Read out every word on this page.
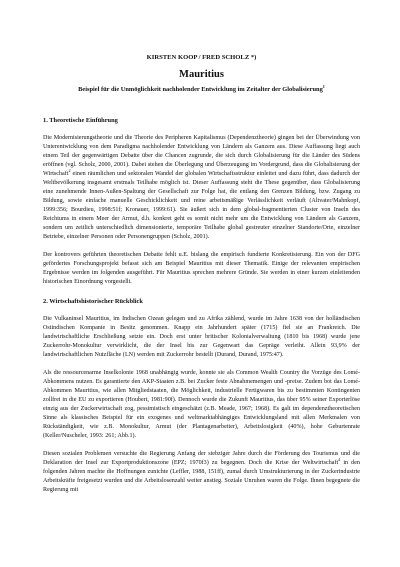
KIRSTEN KOOP / FRED SCHOLZ *)

Mauritius

Beispiel für die Unmöglichkeit nachholender Entwicklung im Zeitalter der Globalisierung$^1$

1. Theoretische Einführung

Die Modernisierungstheorie und die Theorie des Peripheren Kapitalismus (Dependenztheorie) gingen bei der Überwindung von Unterentwicklung von dem Paradigma nachholender Entwicklung von Ländern als Ganzem aus. Diese Auffassung liegt auch einem Teil der gegenwärtigen Debatte über die Chancen zugrunde, die sich durch Globalisierung für die Länder des Südens eröffnen (vgl. Scholz, 2000, 2001). Dabei stehen die Überlegung und Überzeugung im Vordergrund, dass die Globalisierung der Wirtschaft$^2$ einen räumlichen und sektoralen Wandel der globalen Wirtschaftsstruktur einleitet und dazu führt, dass dadurch der Weltbevölkerung insgesamt erstmals Teilhabe möglich ist. Dieser Auffassung steht die These gegenüber, dass Globalisierung eine zunehmende Innen-Außen-Spaltung der Gesellschaft zur Folge hat, die entlang den Grenzen Bildung, bzw. Zugang zu Bildung, sowie einfache manuelle Geschicklichkeit und reine arbeitsmäßige Verlässlichkeit verläuft (Altvater/Mahnkopf, 1999:356; Bourdieu, 1998:51f; Kronauer, 1999:61). Sie äußert sich in dem global-fragmentierten Cluster von Inseln des Reichtums in einem Meer der Armut, d.h. konkret geht es somit nicht mehr um die Entwicklung von Ländern als Ganzem, sondern um zeitlich unterschiedlich dimensionierte, temporäre Teilhabe global gestreuter einzelner Standorte/Orte, einzelner Betriebe, einzelner Personen oder Personengruppen (Scholz, 2001).

Der kontrovers geführten theoretischen Debatte fehlt u.E. bislang die empirisch fundierte Konkretisierung. Ein von der DFG gefördertes Forschungsprojekt befasst sich am Beispiel Mauritius mit dieser Thematik. Einige der relevanten empirischen Ergebnisse werden im folgenden ausgeführt. Für Mauritius sprechen mehrere Gründe. Sie werden in einer kurzen einleitenden historischen Einordnung vorgestellt.

2. Wirtschaftshistorischer Rückblick

Die Vulkaninsel Mauritius, im Indischen Ozean gelegen und zu Afrika zählend, wurde im Jahre 1638 von der holländischen Ostindischen Kompanie in Besitz genommen. Knapp ein Jahrhundert später (1715) fiel sie an Frankreich. Die landwirtschaftliche Erschließung setzte ein. Doch erst unter britischer Kolonialverwaltung (1810 bis 1968) wurde jene Zuckerrohr-Monokultur verwirklicht, die der Insel bis zur Gegenwart das Gepräge verleiht. Allein 93,9% der landwirtschaftlichen Nutzfläche (LN) werden mit Zuckerrohr bestellt (Durand, Durand, 1975:47).

Als die ressourcenarme Inselkolonie 1968 unabhängig wurde, konnte sie als Common Wealth Country die Vorzüge des Lomé-Abkommens nutzen. Es garantierte den AKP-Staaten z.B. bei Zucker feste Abnahmemengen und -preise. Zudem bot das Lomé-Abkommen Mauritius, wie allen Mitgliedstaaten, die Möglichkeit, industrielle Fertigwaren bis zu bestimmten Kontingenten zollfrei in die EU zu exportieren (Houbert, 1981:90f). Dennoch wurde die Zukunft Mauritius, das über 95% seiner Exporterlöse einzig aus der Zuckerwirtschaft zog, pessimistisch eingeschätzt (z.B. Meade, 1967; 1968). Es galt im dependenztheoretischen Sinne als klassisches Beispiel für ein exogenes und weltmarktabhängiges Entwicklungsland mit allen Merkmalen von Rückständigkeit, wie z.B. Monokultur, Armut (der Plantagenarbeiter), Arbeitslosigkeit (40%), hohe Geburtenrate (Keller/Nuscheler, 1993: 261; Abb.1).

Diesen sozialen Problemen versuchte die Regierung Anfang der siebziger Jahre durch die Förderung des Tourismus und die Deklaration der Insel zur Exportproduktionszone (EPZ; 1970f3) zu begegnen. Doch die Krise der Weltwirtschaft$^4$ in den folgenden Jahren machte die Hoffnungen zunichte (Leffler, 1988, 151ff), zumal durch Umstrukturierung in der Zuckerindustrie Arbeitskräfte freigesetzt wurden und die Arbeitslosenzahl weiter anstieg. Soziale Unruhen waren die Folge. Ihnen begegnete die Regierung mit
